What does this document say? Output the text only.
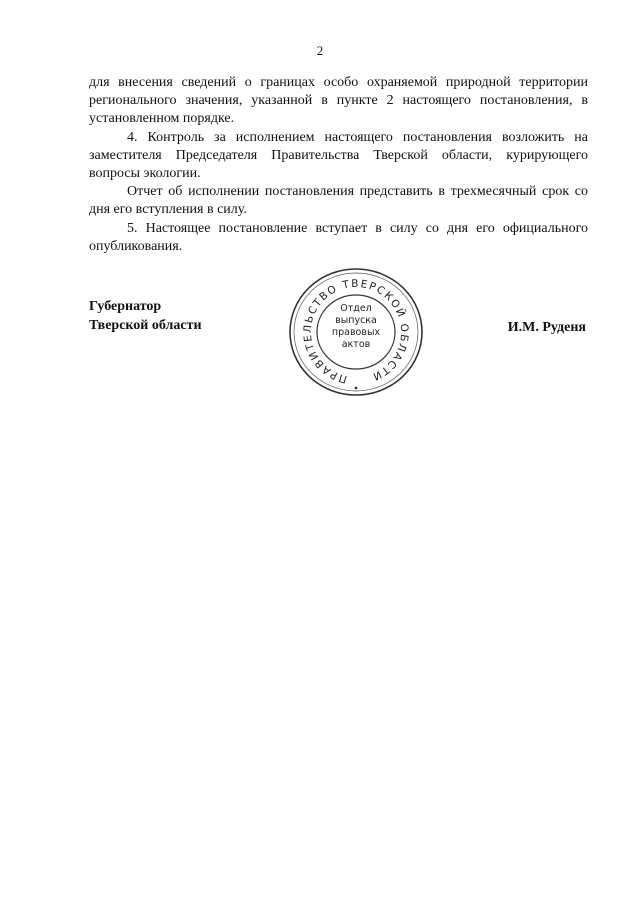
2

для внесения сведений о границах особо охраняемой природной территории регионального значения, указанной в пункте 2 настоящего постановления, в установленном порядке.

4. Контроль за исполнением настоящего постановления возложить на заместителя Председателя Правительства Тверской области, курирующего вопросы экологии.

Отчет об исполнении постановления представить в трехмесячный срок со дня его вступления в силу.

5. Настоящее постановление вступает в силу со дня его официального опубликования.

Губернатор
Тверской области
ПРАВИТЕЛЬСТВО ТВЕРСКОЙ ОБЛАСТИ
Отдел
выпуска
правовых
актов
И.М. Руденя
